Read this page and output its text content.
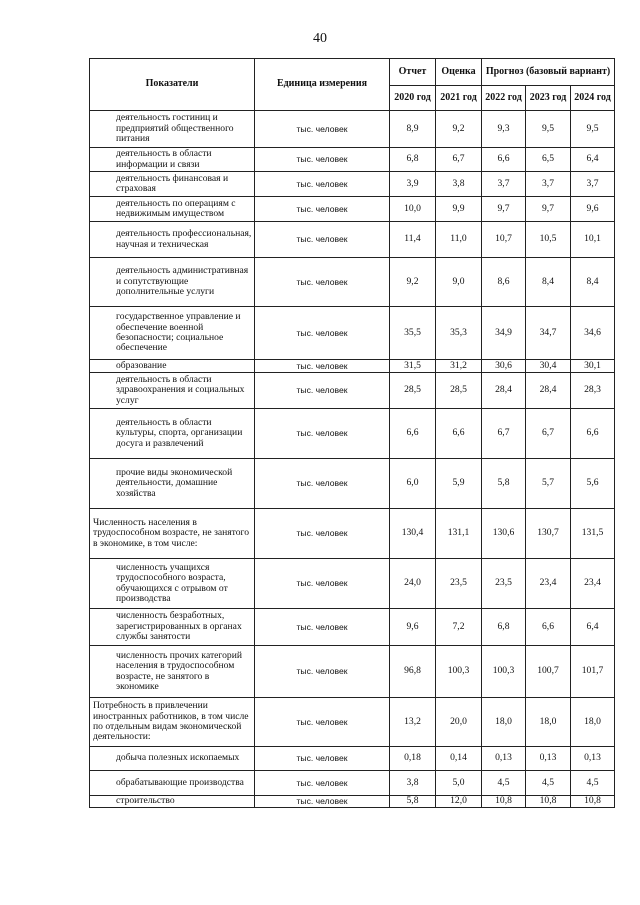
40
Показатели	Единица измерения	Отчет	Оценка	Прогноз (базовый вариант)		
		2020 год	2021 год	2022 год	2023 год	2024 год
деятельность гостиниц и предприятий общественного питания	тыс. человек	8,9	9,2	9,3	9,5	9,5
деятельность в области информации и связи	тыс. человек	6,8	6,7	6,6	6,5	6,4
деятельность финансовая и страховая	тыс. человек	3,9	3,8	3,7	3,7	3,7
деятельность по операциям с недвижимым имуществом	тыс. человек	10,0	9,9	9,7	9,7	9,6
деятельность профессиональная, научная и техническая	тыс. человек	11,4	11,0	10,7	10,5	10,1
деятельность административная и сопутствующие дополнительные услуги	тыс. человек	9,2	9,0	8,6	8,4	8,4
государственное управление и обеспечение военной безопасности; социальное обеспечение	тыс. человек	35,5	35,3	34,9	34,7	34,6
образование	тыс. человек	31,5	31,2	30,6	30,4	30,1
деятельность в области здравоохранения и социальных услуг	тыс. человек	28,5	28,5	28,4	28,4	28,3
деятельность в области культуры, спорта, организации досуга и развлечений	тыс. человек	6,6	6,6	6,7	6,7	6,6
прочие виды экономической деятельности, домашние хозяйства	тыс. человек	6,0	5,9	5,8	5,7	5,6
Численность населения в трудоспособном возрасте, не занятого в экономике, в том числе:	тыс. человек	130,4	131,1	130,6	130,7	131,5
численность учащихся трудоспособного возраста, обучающихся с отрывом от производства	тыс. человек	24,0	23,5	23,5	23,4	23,4
численность безработных, зарегистрированных в органах службы занятости	тыс. человек	9,6	7,2	6,8	6,6	6,4
численность прочих категорий населения в трудоспособном возрасте, не занятого в экономике	тыс. человек	96,8	100,3	100,3	100,7	101,7
Потребность в привлечении иностранных работников, в том числе по отдельным видам экономической деятельности:	тыс. человек	13,2	20,0	18,0	18,0	18,0
добыча полезных ископаемых	тыс. человек	0,18	0,14	0,13	0,13	0,13
обрабатывающие производства	тыс. человек	3,8	5,0	4,5	4,5	4,5
строительство	тыс. человек	5,8	12,0	10,8	10,8	10,8
